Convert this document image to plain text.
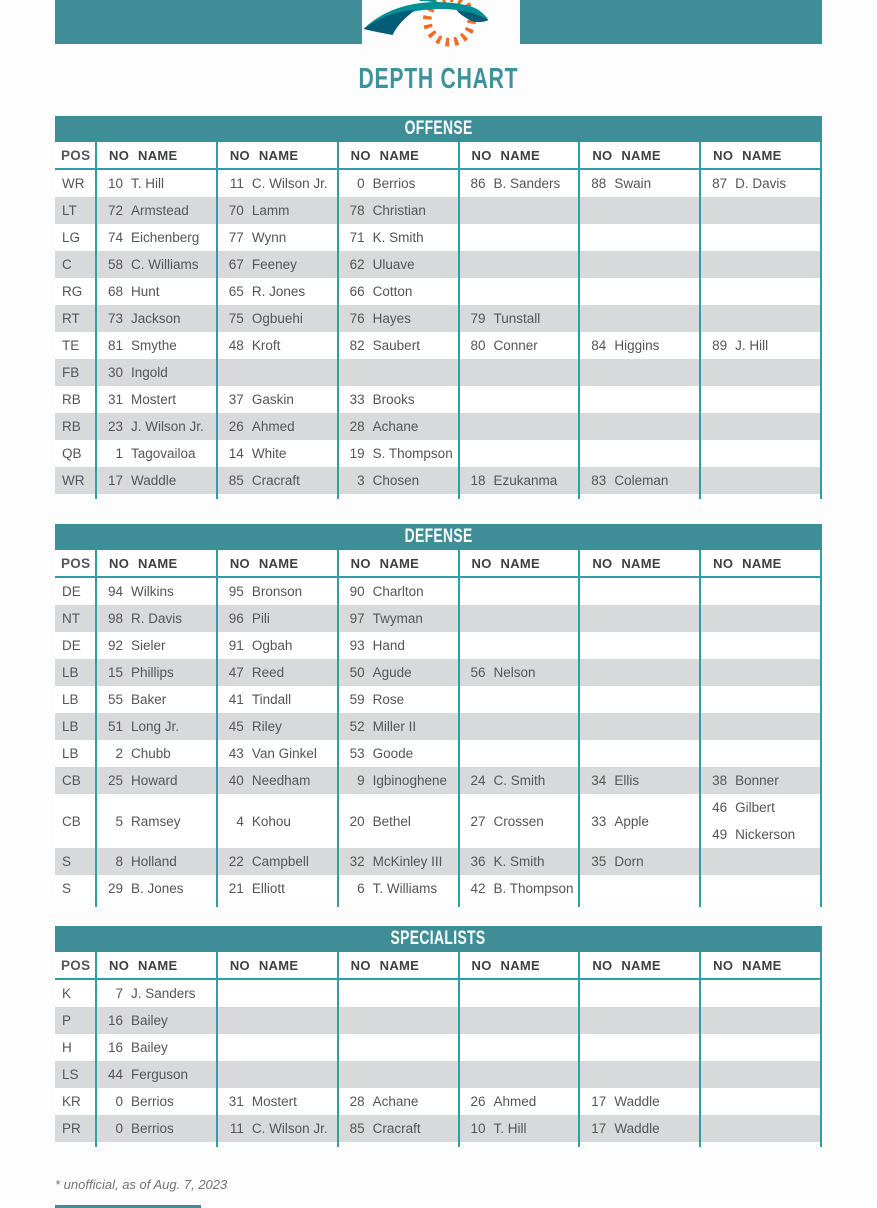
DEPTH CHART
OFFENSE
POS	NO NAME	NO NAME	NO NAME	NO NAME	NO NAME	NO NAME
WR	10 T. Hill	11 C. Wilson Jr.	0 Berrios	86 B. Sanders	88 Swain	87 D. Davis
LT	72 Armstead	70 Lamm	78 Christian
LG	74 Eichenberg	77 Wynn	71 K. Smith
C	58 C. Williams	67 Feeney	62 Uluave
RG	68 Hunt	65 R. Jones	66 Cotton
RT	73 Jackson	75 Ogbuehi	76 Hayes	79 Tunstall
TE	81 Smythe	48 Kroft	82 Saubert	80 Conner	84 Higgins	89 J. Hill
FB	30 Ingold
RB	31 Mostert	37 Gaskin	33 Brooks
RB	23 J. Wilson Jr.	26 Ahmed	28 Achane
QB	1 Tagovailoa	14 White	19 S. Thompson
WR	17 Waddle	85 Cracraft	3 Chosen	18 Ezukanma	83 Coleman
DEFENSE
POS	NO NAME	NO NAME	NO NAME	NO NAME	NO NAME	NO NAME
DE	94 Wilkins	95 Bronson	90 Charlton
NT	98 R. Davis	96 Pili	97 Twyman
DE	92 Sieler	91 Ogbah	93 Hand
LB	15 Phillips	47 Reed	50 Agude	56 Nelson
LB	55 Baker	41 Tindall	59 Rose
LB	51 Long Jr.	45 Riley	52 Miller II
LB	2 Chubb	43 Van Ginkel	53 Goode
CB	25 Howard	40 Needham	9 Igbinoghene	24 C. Smith	34 Ellis	38 Bonner
CB	5 Ramsey	4 Kohou	20 Bethel	27 Crossen	33 Apple
46 Gilbert
49 Nickerson
S	8 Holland	22 Campbell	32 McKinley III	36 K. Smith	35 Dorn
S	29 B. Jones	21 Elliott	6 T. Williams	42 B. Thompson
SPECIALISTS
POS	NO NAME	NO NAME	NO NAME	NO NAME	NO NAME	NO NAME
K	7 J. Sanders
P	16 Bailey
H	16 Bailey
LS	44 Ferguson
KR	0 Berrios	31 Mostert	28 Achane	26 Ahmed	17 Waddle
PR	0 Berrios	11 C. Wilson Jr.	85 Cracraft	10 T. Hill	17 Waddle
* unofficial, as of Aug. 7, 2023
